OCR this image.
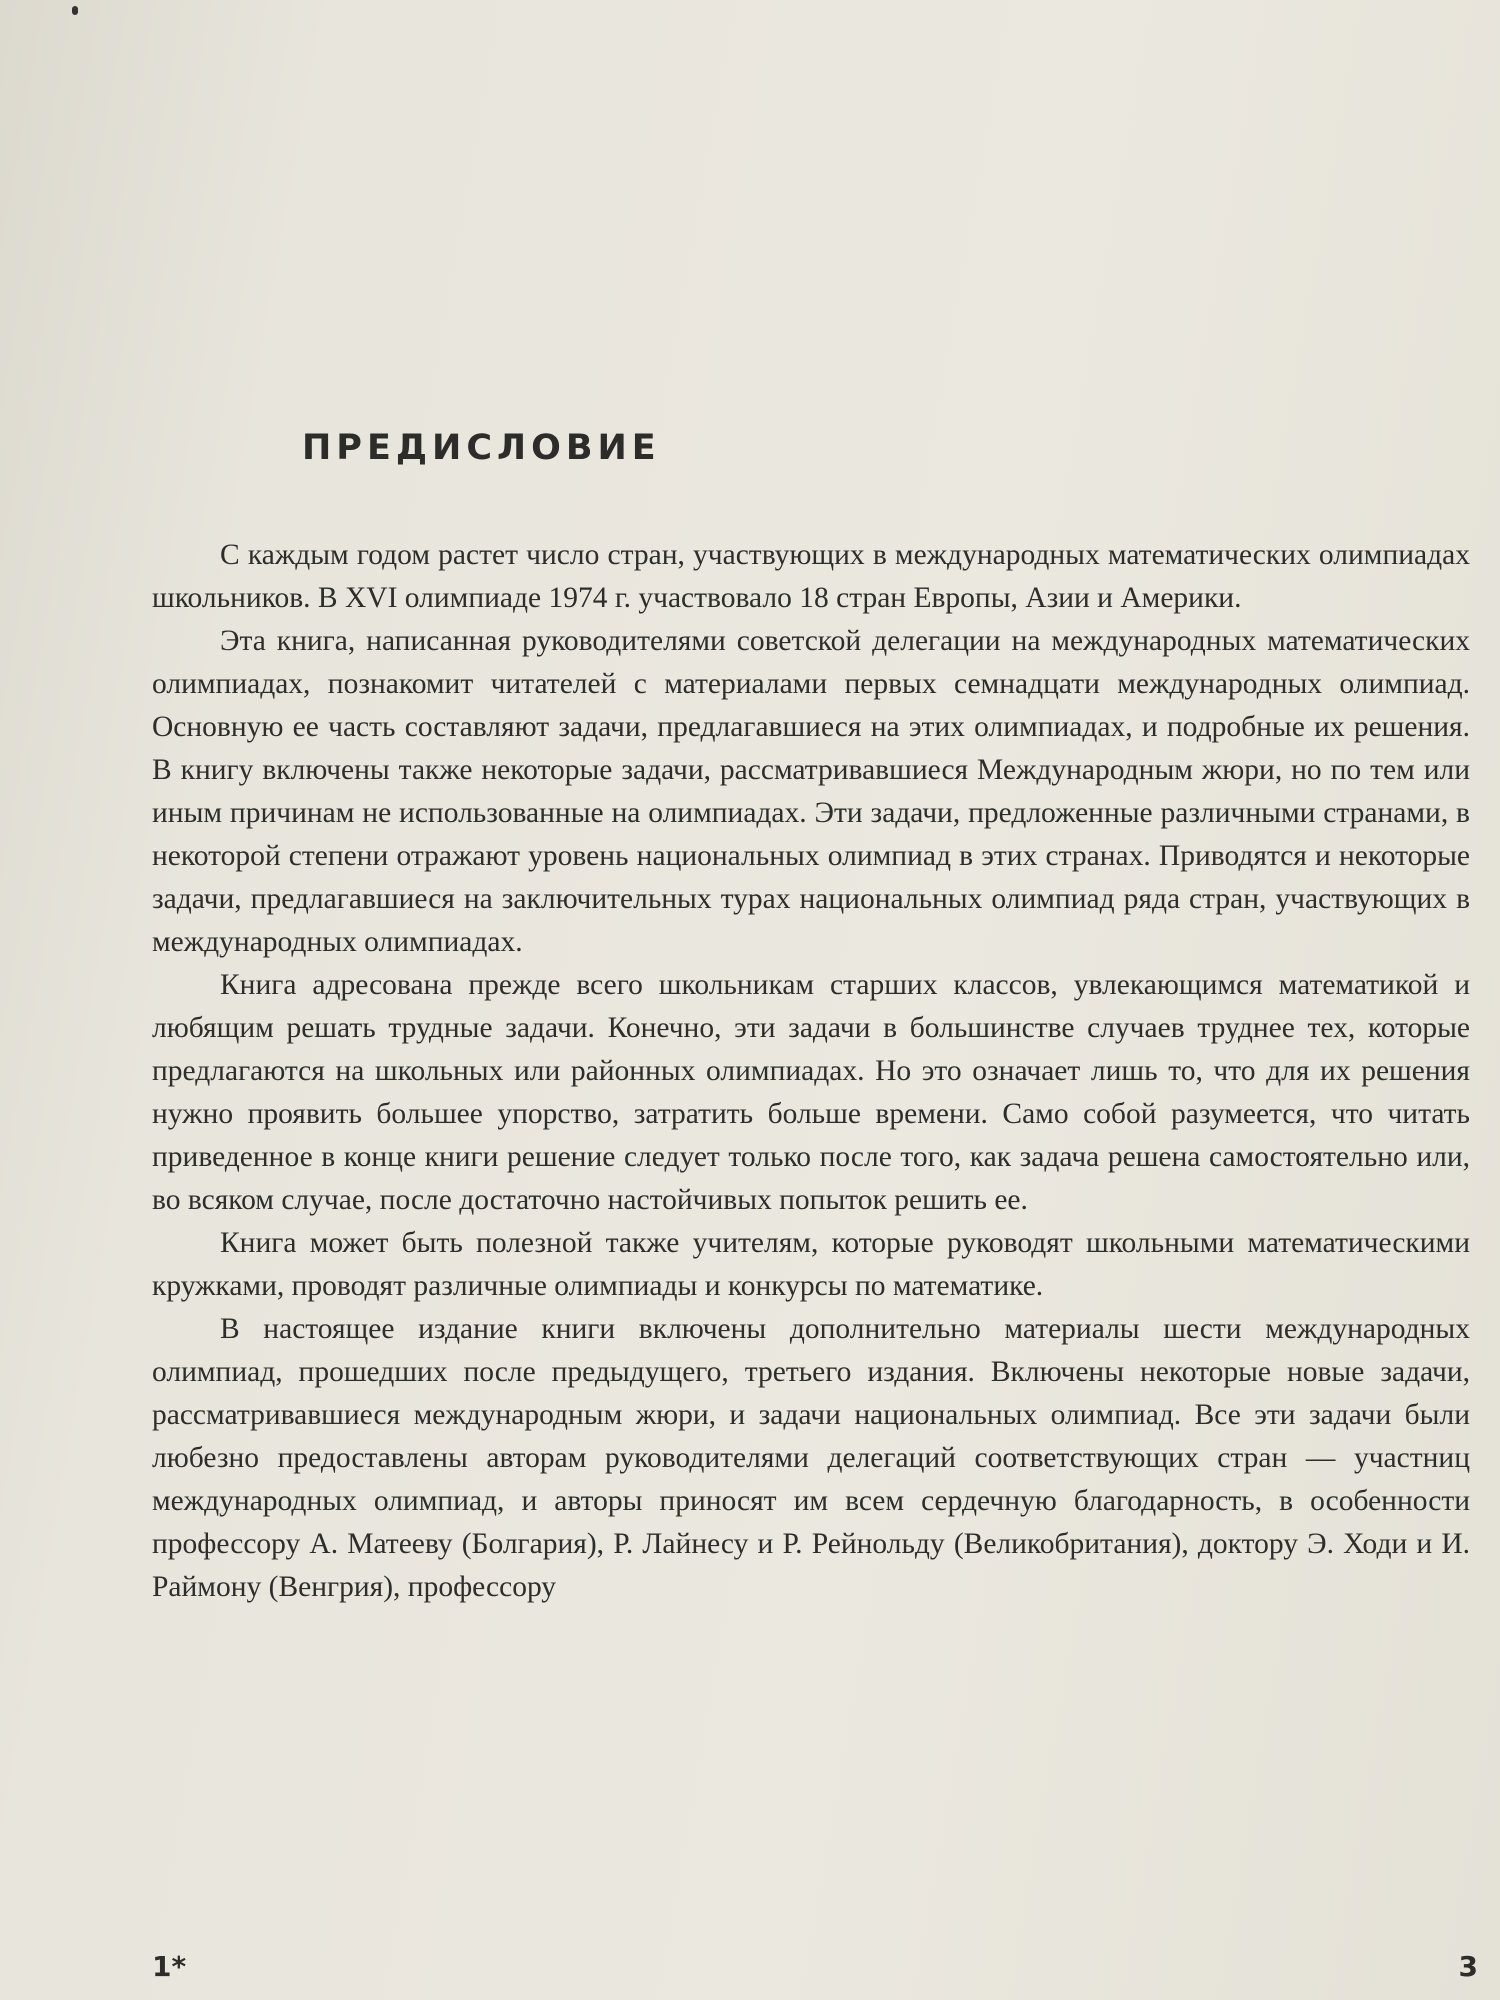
ПРЕДИСЛОВИЕ

С каждым годом растет число стран, участвующих в международных математических олимпиадах школьников. В XVI олимпиаде 1974 г. участвовало 18 стран Европы, Азии и Америки.

Эта книга, написанная руководителями советской делегации на международных математических олимпиадах, познакомит читателей с материалами первых семнадцати международных олимпиад. Основную ее часть составляют задачи, предлагавшиеся на этих олимпиадах, и подробные их решения. В книгу включены также некоторые задачи, рассматривавшиеся Международным жюри, но по тем или иным причинам не использованные на олимпиадах. Эти задачи, предложенные различными странами, в некоторой степени отражают уровень национальных олимпиад в этих странах. Приводятся и некоторые задачи, предлагавшиеся на заключительных турах национальных олимпиад ряда стран, участвующих в международных олимпиадах.

Книга адресована прежде всего школьникам старших классов, увлекающимся математикой и любящим решать трудные задачи. Конечно, эти задачи в большинстве случаев труднее тех, которые предлагаются на школьных или районных олимпиадах. Но это означает лишь то, что для их решения нужно проявить большее упорство, затратить больше времени. Само собой разумеется, что читать приведенное в конце книги решение следует только после того, как задача решена самостоятельно или, во всяком случае, после достаточно настойчивых попыток решить ее.

Книга может быть полезной также учителям, которые руководят школьными математическими кружками, проводят различные олимпиады и конкурсы по математике.

В настоящее издание книги включены дополнительно материалы шести международных олимпиад, прошедших после предыдущего, третьего издания. Включены некоторые новые задачи, рассматривавшиеся международным жюри, и задачи национальных олимпиад. Все эти задачи были любезно предоставлены авторам руководителями делегаций соответствующих стран — участниц международных олимпиад, и авторы приносят им всем сердечную благодарность, в особенности профессору А. Матееву (Болгария), Р. Лайнесу и Р. Рейнольду (Великобритания), доктору Э. Ходи и И. Раймону (Венгрия), профессору

1*	3
